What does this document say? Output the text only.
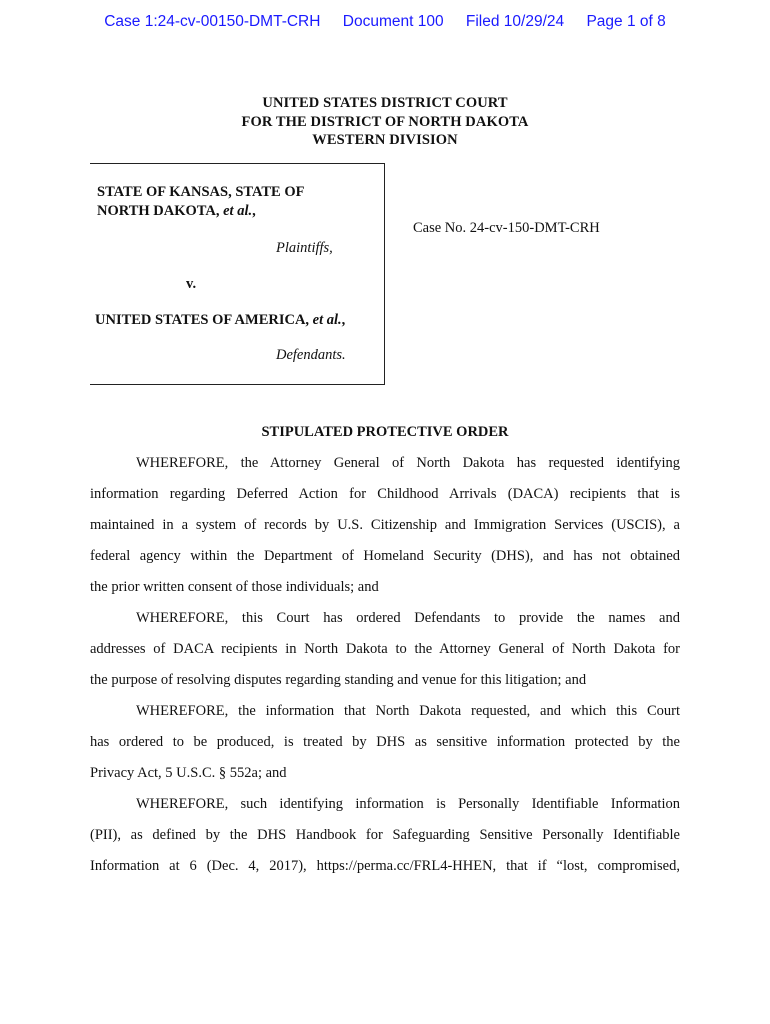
Case 1:24-cv-00150-DMT-CRH Document 100 Filed 10/29/24 Page 1 of 8
UNITED STATES DISTRICT COURT
FOR THE DISTRICT OF NORTH DAKOTA
WESTERN DIVISION
STATE OF KANSAS, STATE OF
NORTH DAKOTA, et al.,
Plaintiffs,
v.
UNITED STATES OF AMERICA, et al.,
Defendants.
Case No. 24-cv-150-DMT-CRH
STIPULATED PROTECTIVE ORDER
WHEREFORE, the Attorney General of North Dakota has requested identifying
information regarding Deferred Action for Childhood Arrivals (DACA) recipients that is
maintained in a system of records by U.S. Citizenship and Immigration Services (USCIS), a
federal agency within the Department of Homeland Security (DHS), and has not obtained
the prior written consent of those individuals; and
WHEREFORE, this Court has ordered Defendants to provide the names and
addresses of DACA recipients in North Dakota to the Attorney General of North Dakota for
the purpose of resolving disputes regarding standing and venue for this litigation; and
WHEREFORE, the information that North Dakota requested, and which this Court
has ordered to be produced, is treated by DHS as sensitive information protected by the
Privacy Act, 5 U.S.C. § 552a; and
WHEREFORE, such identifying information is Personally Identifiable Information
(PII), as defined by the DHS Handbook for Safeguarding Sensitive Personally Identifiable
Information at 6 (Dec. 4, 2017), https://perma.cc/FRL4-HHEN, that if “lost, compromised,
